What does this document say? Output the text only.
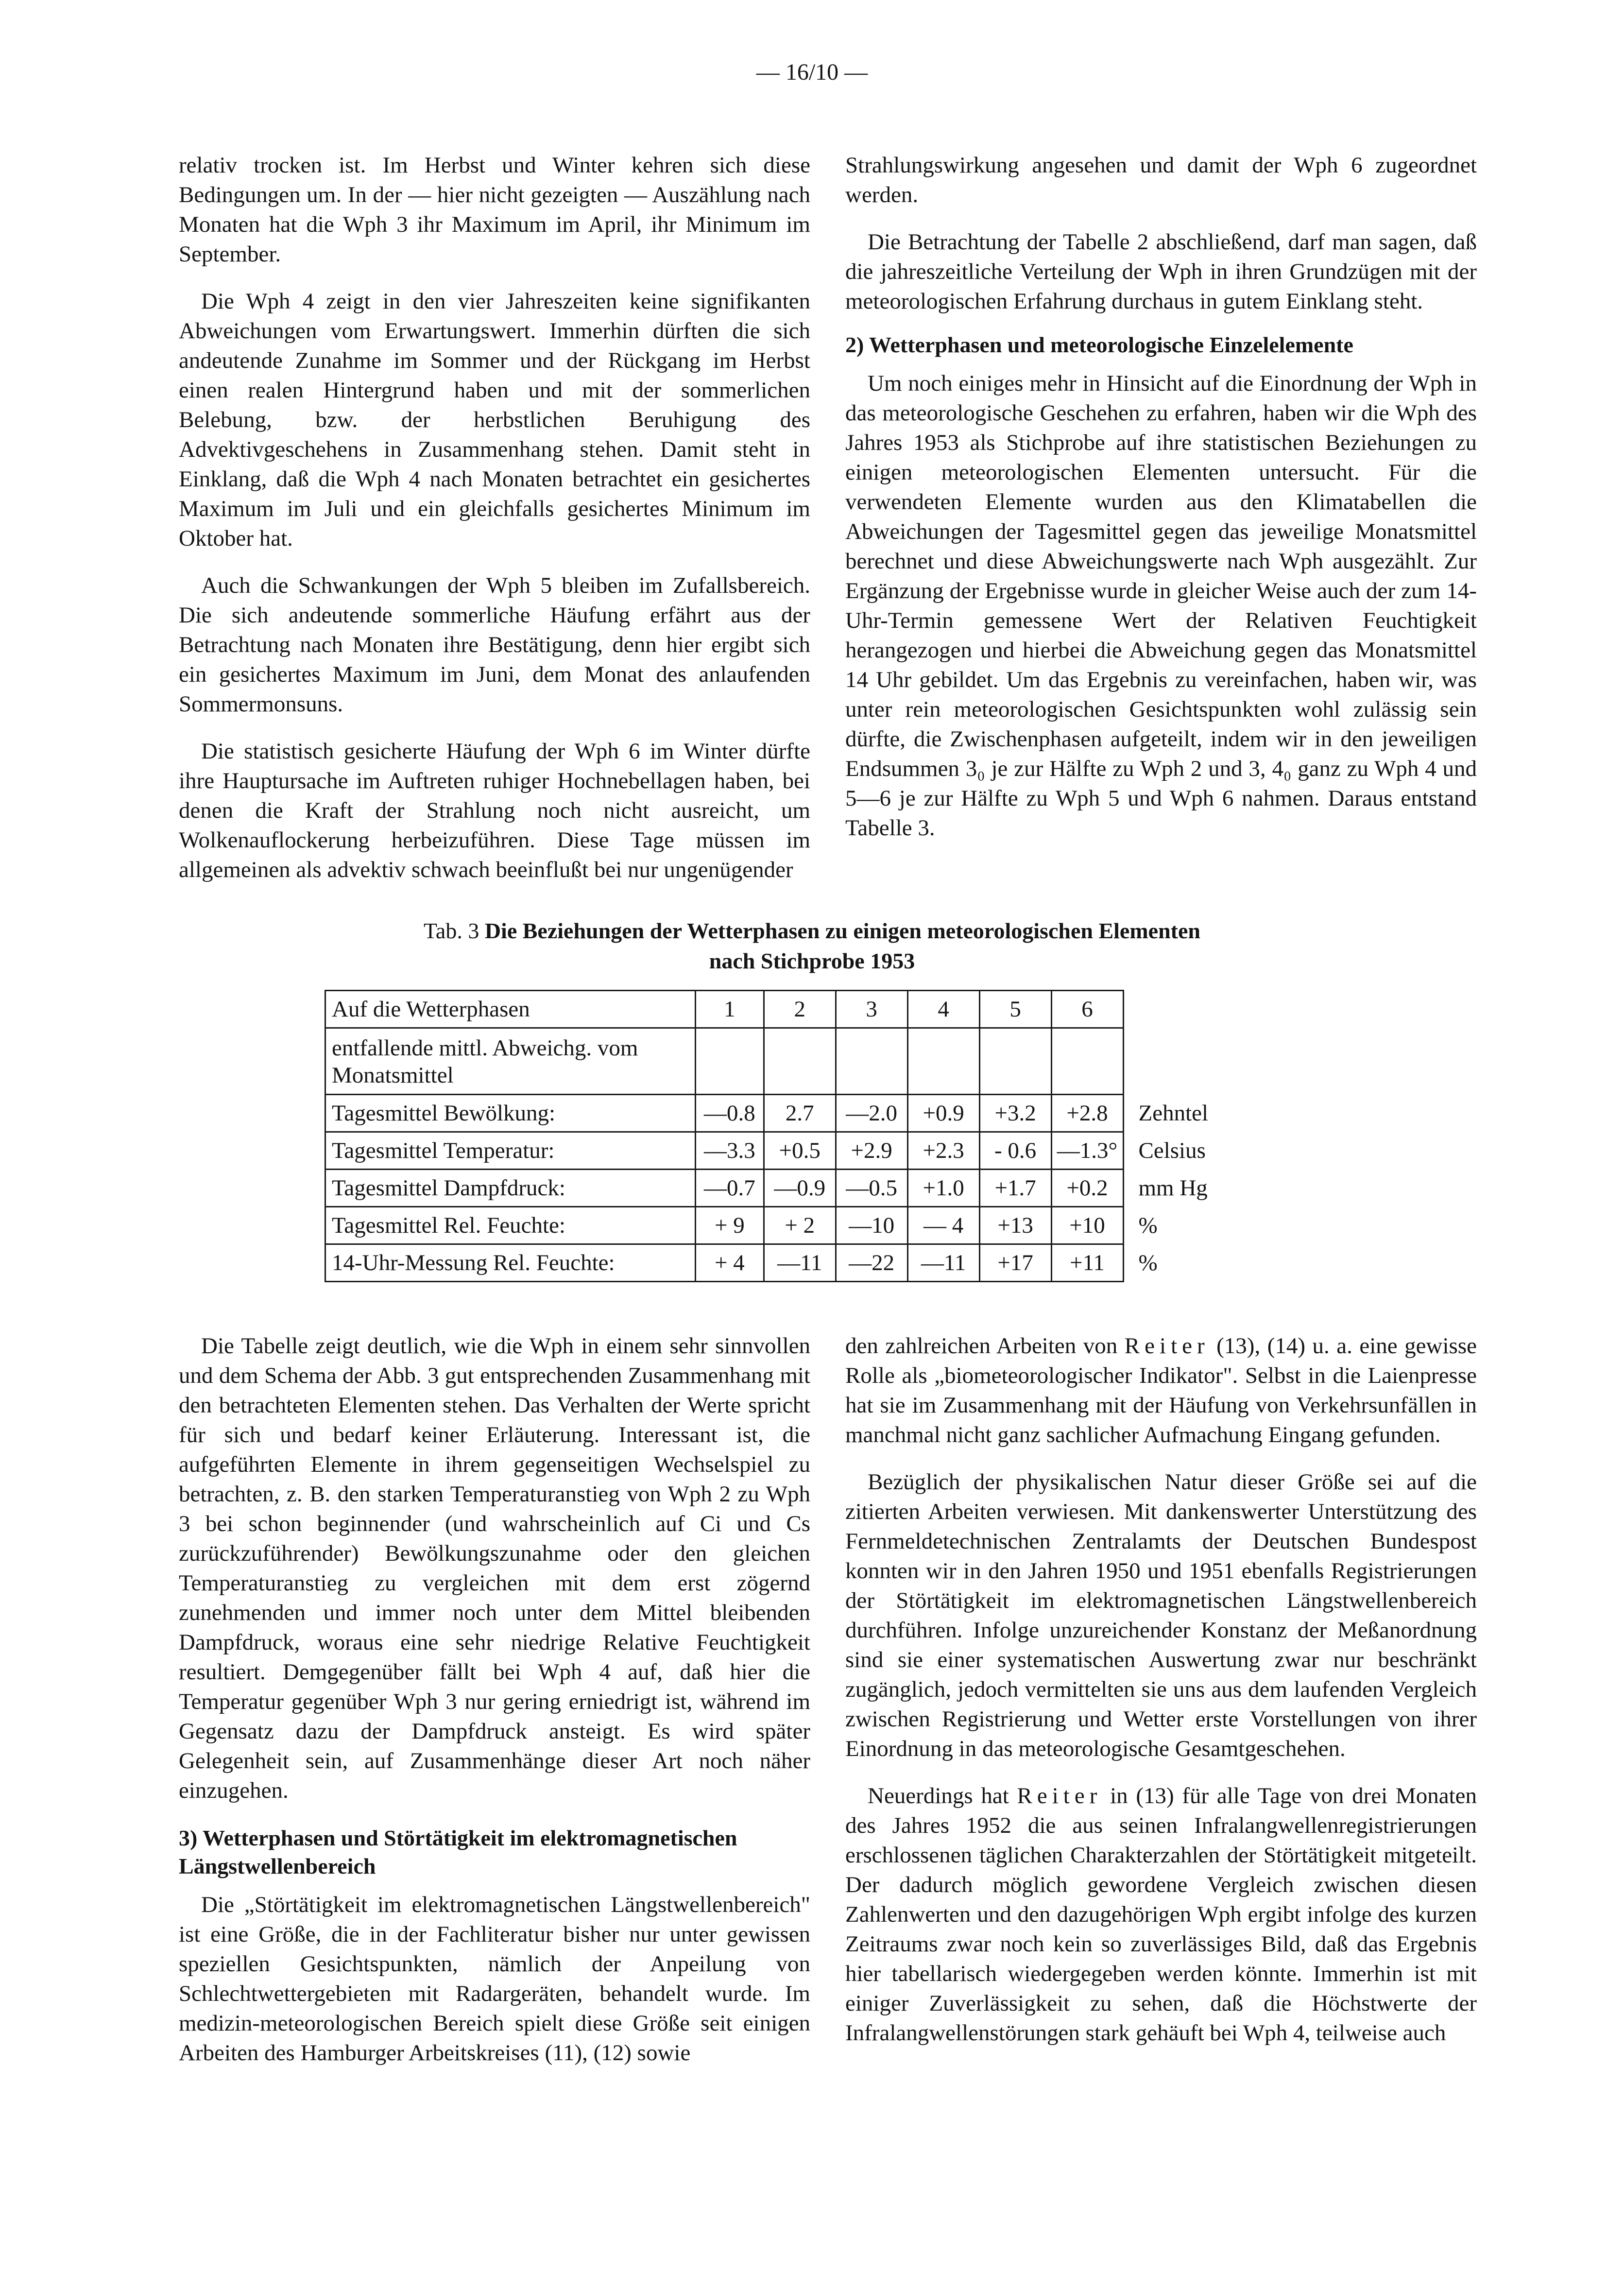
— 16/10 —

relativ trocken ist. Im Herbst und Winter kehren sich diese Bedingungen um. In der — hier nicht gezeigten — Auszählung nach Monaten hat die Wph 3 ihr Maximum im April, ihr Minimum im September.

Die Wph 4 zeigt in den vier Jahreszeiten keine signifikanten Abweichungen vom Erwartungswert. Immerhin dürften die sich andeutende Zunahme im Sommer und der Rückgang im Herbst einen realen Hintergrund haben und mit der sommerlichen Belebung, bzw. der herbstlichen Beruhigung des Advektivgeschehens in Zusammenhang stehen. Damit steht in Einklang, daß die Wph 4 nach Monaten betrachtet ein gesichertes Maximum im Juli und ein gleichfalls gesichertes Minimum im Oktober hat.

Auch die Schwankungen der Wph 5 bleiben im Zufallsbereich. Die sich andeutende sommerliche Häufung erfährt aus der Betrachtung nach Monaten ihre Bestätigung, denn hier ergibt sich ein gesichertes Maximum im Juni, dem Monat des anlaufenden Sommermonsuns.

Die statistisch gesicherte Häufung der Wph 6 im Winter dürfte ihre Hauptursache im Auftreten ruhiger Hochnebellagen haben, bei denen die Kraft der Strahlung noch nicht ausreicht, um Wolkenauflockerung herbeizuführen. Diese Tage müssen im allgemeinen als advektiv schwach beeinflußt bei nur ungenügender

Strahlungswirkung angesehen und damit der Wph 6 zugeordnet werden.

Die Betrachtung der Tabelle 2 abschließend, darf man sagen, daß die jahreszeitliche Verteilung der Wph in ihren Grundzügen mit der meteorologischen Erfahrung durchaus in gutem Einklang steht.

2) Wetterphasen und meteorologische Einzelelemente

Um noch einiges mehr in Hinsicht auf die Einordnung der Wph in das meteorologische Geschehen zu erfahren, haben wir die Wph des Jahres 1953 als Stichprobe auf ihre statistischen Beziehungen zu einigen meteorologischen Elementen untersucht. Für die verwendeten Elemente wurden aus den Klimatabellen die Abweichungen der Tagesmittel gegen das jeweilige Monatsmittel berechnet und diese Abweichungswerte nach Wph ausgezählt. Zur Ergänzung der Ergebnisse wurde in gleicher Weise auch der zum 14-Uhr-Termin gemessene Wert der Relativen Feuchtigkeit herangezogen und hierbei die Abweichung gegen das Monatsmittel 14 Uhr gebildet. Um das Ergebnis zu vereinfachen, haben wir, was unter rein meteorologischen Gesichtspunkten wohl zulässig sein dürfte, die Zwischenphasen aufgeteilt, indem wir in den jeweiligen Endsummen 3₀ je zur Hälfte zu Wph 2 und 3, 4₀ ganz zu Wph 4 und 5—6 je zur Hälfte zu Wph 5 und Wph 6 nahmen. Daraus entstand Tabelle 3.

Tab. 3 Die Beziehungen der Wetterphasen zu einigen meteorologischen Elementen
nach Stichprobe 1953
Auf die Wetterphasen	1	2	3	4	5	6	
entfallende mittl. Abweichg. vom Monatsmittel							
Tagesmittel Bewölkung:	—0.8	2.7	—2.0	+0.9	+3.2	+2.8	Zehntel
Tagesmittel Temperatur:	—3.3	+0.5	+2.9	+2.3	- 0.6	—1.3°	Celsius
Tagesmittel Dampfdruck:	—0.7	—0.9	—0.5	+1.0	+1.7	+0.2	mm Hg
Tagesmittel Rel. Feuchte:	+ 9	+ 2	—10	— 4	+13	+10	%
14-Uhr-Messung Rel. Feuchte:	+ 4	—11	—22	—11	+17	+11	%

Die Tabelle zeigt deutlich, wie die Wph in einem sehr sinnvollen und dem Schema der Abb. 3 gut entsprechenden Zusammenhang mit den betrachteten Elementen stehen. Das Verhalten der Werte spricht für sich und bedarf keiner Erläuterung. Interessant ist, die aufgeführten Elemente in ihrem gegenseitigen Wechselspiel zu betrachten, z. B. den starken Temperaturanstieg von Wph 2 zu Wph 3 bei schon beginnender (und wahrscheinlich auf Ci und Cs zurückzuführender) Bewölkungszunahme oder den gleichen Temperaturanstieg zu vergleichen mit dem erst zögernd zunehmenden und immer noch unter dem Mittel bleibenden Dampfdruck, woraus eine sehr niedrige Relative Feuchtigkeit resultiert. Demgegenüber fällt bei Wph 4 auf, daß hier die Temperatur gegenüber Wph 3 nur gering erniedrigt ist, während im Gegensatz dazu der Dampfdruck ansteigt. Es wird später Gelegenheit sein, auf Zusammenhänge dieser Art noch näher einzugehen.

3) Wetterphasen und Störtätigkeit im elektromagnetischen Längstwellenbereich

Die „Störtätigkeit im elektromagnetischen Längstwellenbereich" ist eine Größe, die in der Fachliteratur bisher nur unter gewissen speziellen Gesichtspunkten, nämlich der Anpeilung von Schlechtwettergebieten mit Radargeräten, behandelt wurde. Im medizin-meteorologischen Bereich spielt diese Größe seit einigen Arbeiten des Hamburger Arbeitskreises (11), (12) sowie

den zahlreichen Arbeiten von Reiter (13), (14) u. a. eine gewisse Rolle als „biometeorologischer Indikator". Selbst in die Laienpresse hat sie im Zusammenhang mit der Häufung von Verkehrsunfällen in manchmal nicht ganz sachlicher Aufmachung Eingang gefunden.

Bezüglich der physikalischen Natur dieser Größe sei auf die zitierten Arbeiten verwiesen. Mit dankenswerter Unterstützung des Fernmeldetechnischen Zentralamts der Deutschen Bundespost konnten wir in den Jahren 1950 und 1951 ebenfalls Registrierungen der Störtätigkeit im elektromagnetischen Längstwellenbereich durchführen. Infolge unzureichender Konstanz der Meßanordnung sind sie einer systematischen Auswertung zwar nur beschränkt zugänglich, jedoch vermittelten sie uns aus dem laufenden Vergleich zwischen Registrierung und Wetter erste Vorstellungen von ihrer Einordnung in das meteorologische Gesamtgeschehen.

Neuerdings hat Reiter in (13) für alle Tage von drei Monaten des Jahres 1952 die aus seinen Infralangwellenregistrierungen erschlossenen täglichen Charakterzahlen der Störtätigkeit mitgeteilt. Der dadurch möglich gewordene Vergleich zwischen diesen Zahlenwerten und den dazugehörigen Wph ergibt infolge des kurzen Zeitraums zwar noch kein so zuverlässiges Bild, daß das Ergebnis hier tabellarisch wiedergegeben werden könnte. Immerhin ist mit einiger Zuverlässigkeit zu sehen, daß die Höchstwerte der Infralangwellenstörungen stark gehäuft bei Wph 4, teilweise auch
